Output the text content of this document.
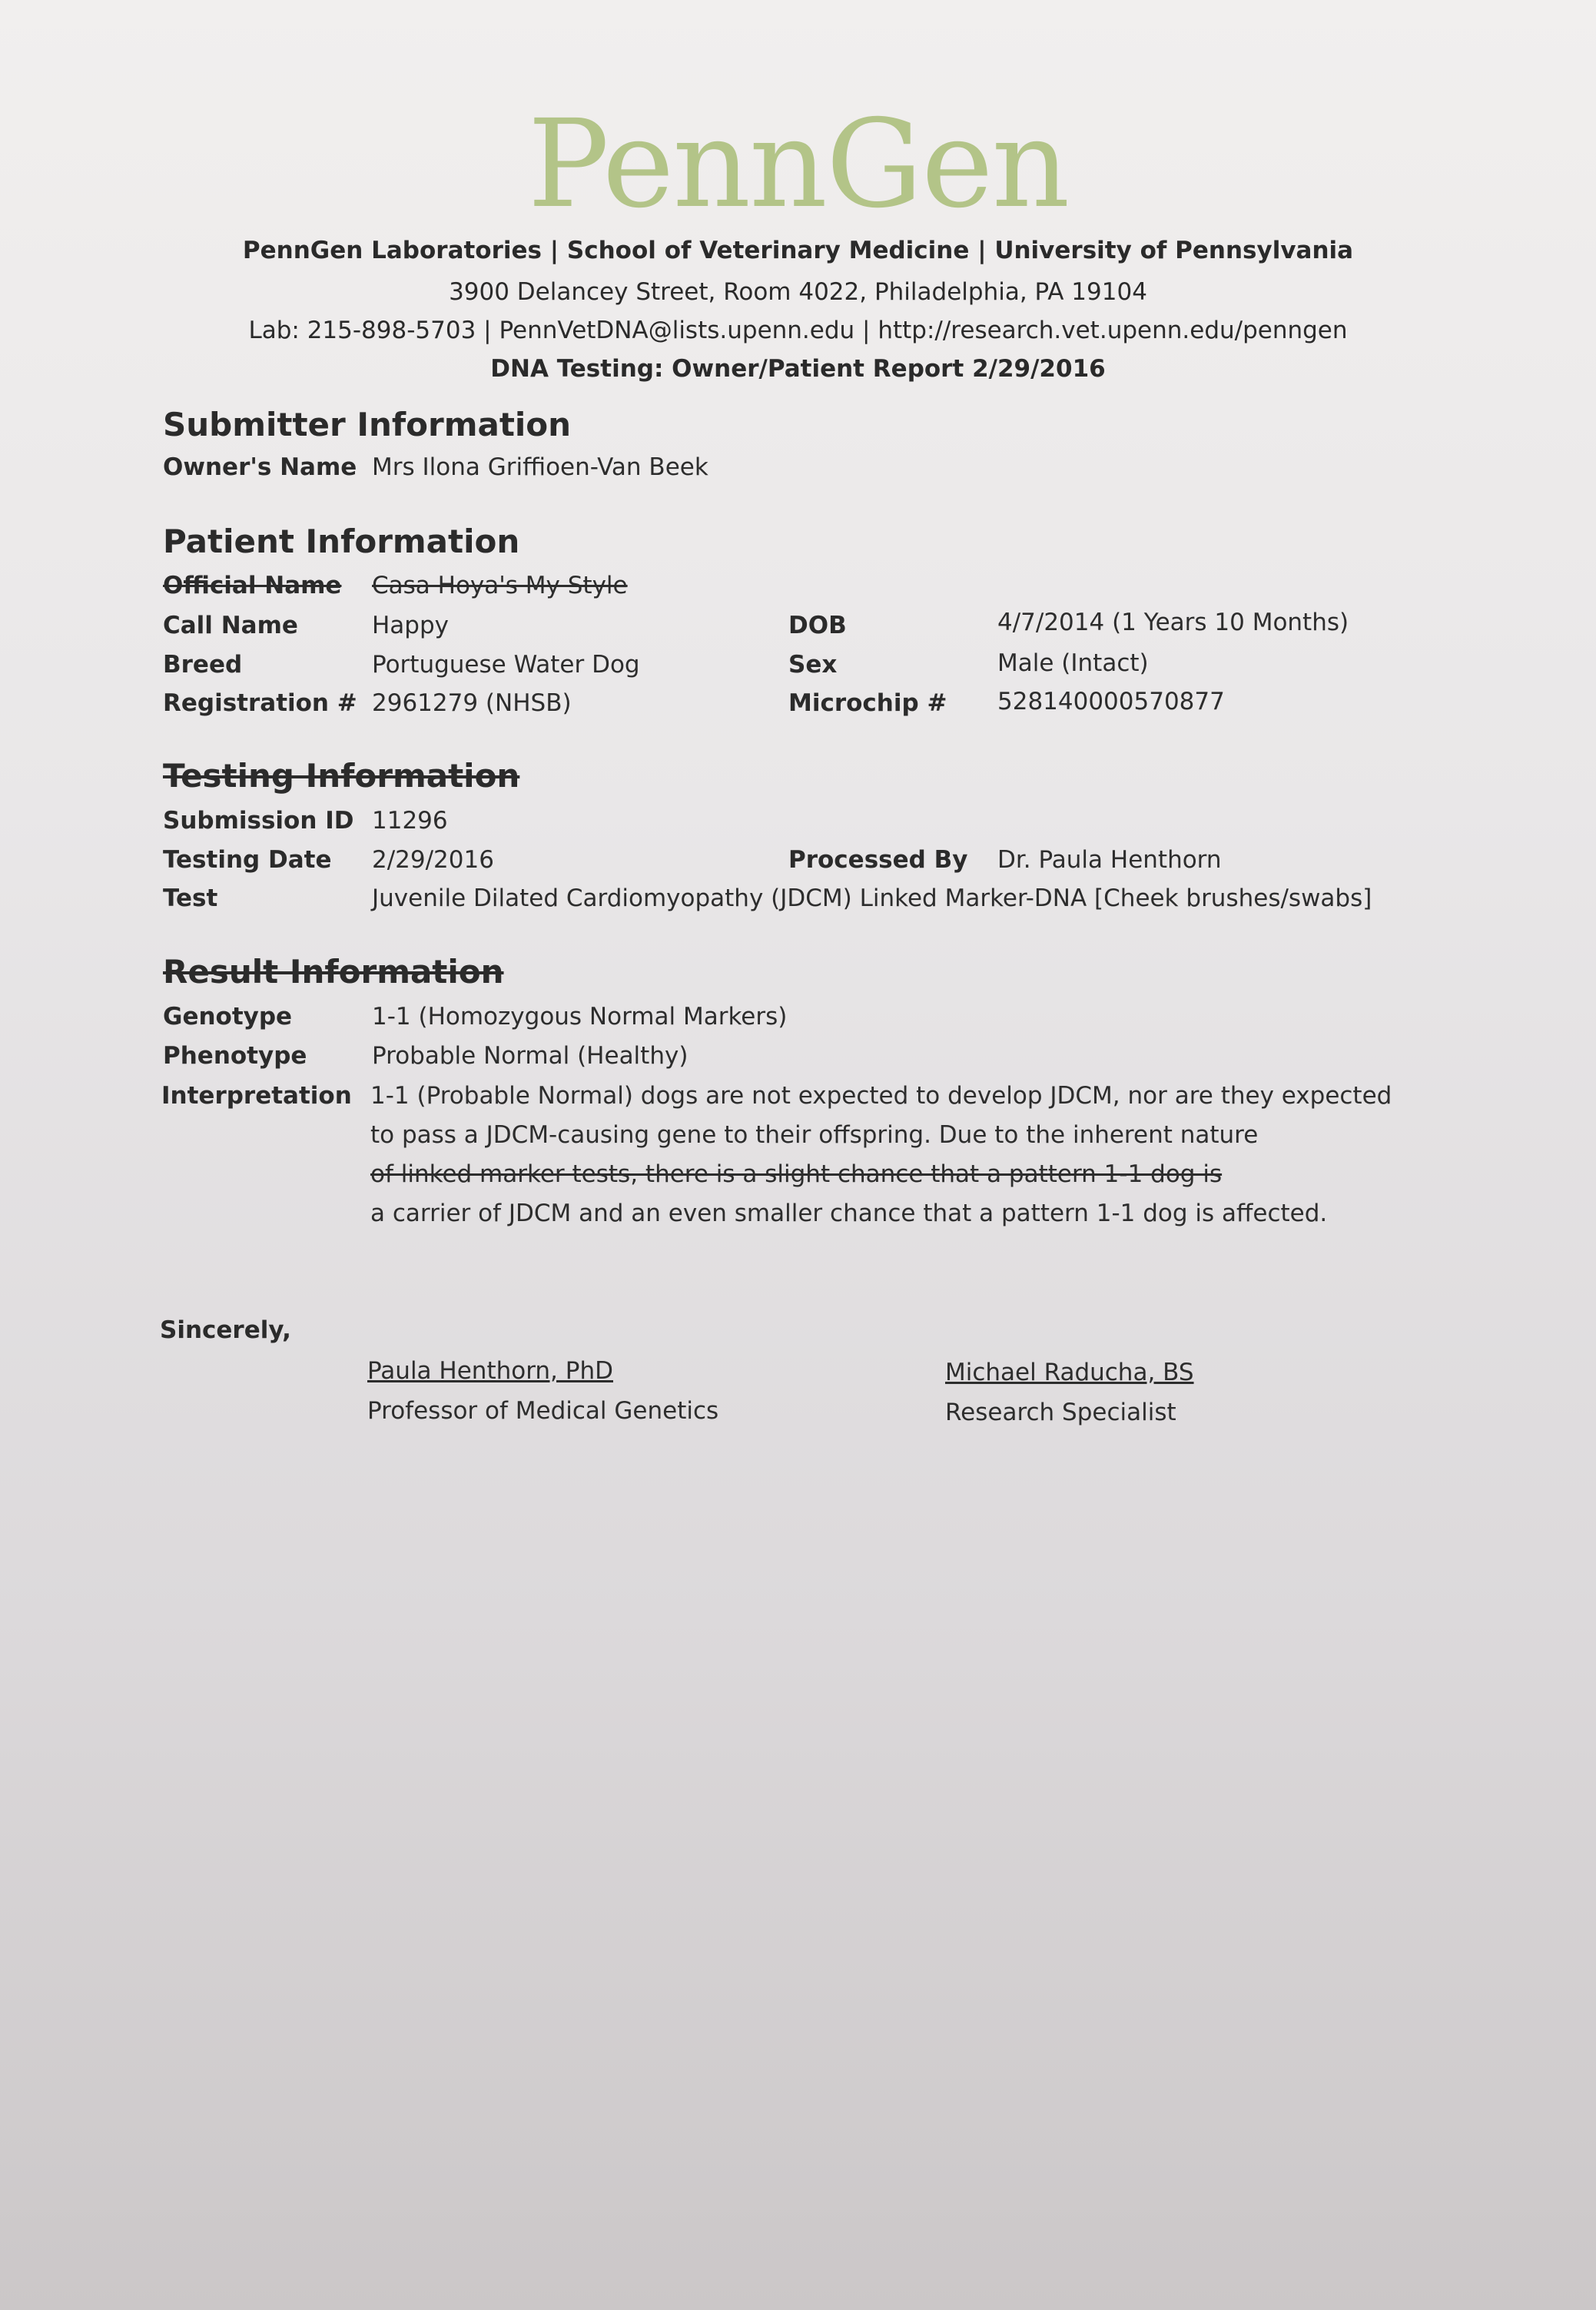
PennGen
PennGen Laboratories | School of Veterinary Medicine | University of Pennsylvania
3900 Delancey Street, Room 4022, Philadelphia, PA 19104
Lab: 215-898-5703 | PennVetDNA@lists.upenn.edu | http://research.vet.upenn.edu/penngen
DNA Testing: Owner/Patient Report 2/29/2016
Submitter Information
Owner's Name Mrs Ilona Griffioen-Van Beek
Patient Information
Official Name Casa Hoya's My Style
Call Name	Happy	DOB	4/7/2014 (1 Years 10 Months)
Breed	Portuguese Water Dog	Sex	Male (Intact)
Registration # 2961279 (NHSB)	Microchip # 528140000570877
Testing Information
Submission ID 11296
Testing Date 2/29/2016	Processed By Dr. Paula Henthorn
Test	Juvenile Dilated Cardiomyopathy (JDCM) Linked Marker-DNA [Cheek brushes/swabs]
Result Information
Genotype	1-1 (Homozygous Normal Markers)
Phenotype	Probable Normal (Healthy)
Interpretation 1-1 (Probable Normal) dogs are not expected to develop JDCM, nor are they expected
to pass a JDCM-causing gene to their offspring. Due to the inherent nature
of linked marker tests, there is a slight chance that a pattern 1-1 dog is
a carrier of JDCM and an even smaller chance that a pattern 1-1 dog is affected.
Sincerely,
Paula Henthorn, PhD
Professor of Medical Genetics
Michael Raducha, BS
Research Specialist
